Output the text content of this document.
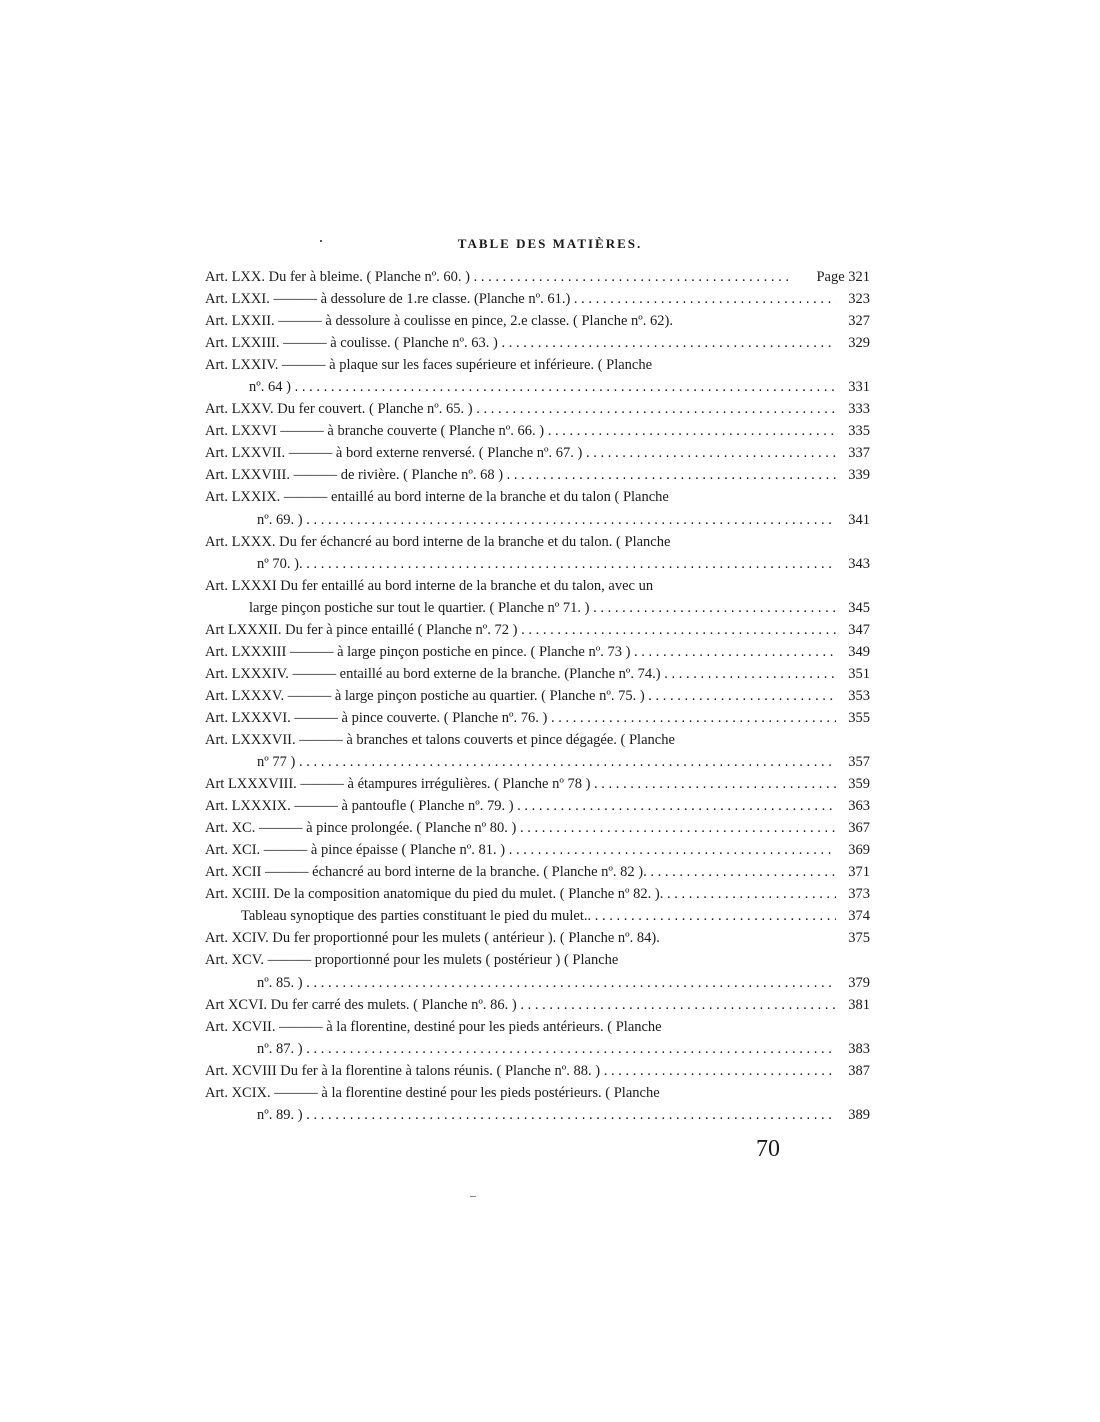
TABLE DES MATIÈRES.
Art. LXX. Du fer à bleime. ( Planche nº. 60. ) . . .	Page 321
Art. LXXI. ——— à dessolure de 1.re classe. (Planche nº. 61.) . . .	323
Art. LXXII. ——— à dessolure à coulisse en pince, 2.e classe. ( Planche nº. 62).	327
Art. LXXIII. ——— à coulisse. ( Planche nº. 63. ) . . .	329
Art. LXXIV. ——— à plaque sur les faces supérieure et inférieure. ( Planche
nº. 64 ) . . .	331
Art. LXXV. Du fer couvert. ( Planche nº. 65. ) . . .	333
Art. LXXVI ——— à branche couverte ( Planche nº. 66. ) . . .	335
Art. LXXVII. ——— à bord externe renversé. ( Planche nº. 67. ) . . .	337
Art. LXXVIII. ——— de rivière. ( Planche nº. 68 ) . . .	339
Art. LXXIX. ——— entaillé au bord interne de la branche et du talon ( Planche
nº. 69. ) . . .	341
Art. LXXX. Du fer échancré au bord interne de la branche et du talon. ( Planche
nº 70. ). . . .	343
Art. LXXXI Du fer entaillé au bord interne de la branche et du talon, avec un
large pinçon postiche sur tout le quartier. ( Planche nº 71. ) . . .	345
Art LXXXII. Du fer à pince entaillé ( Planche nº. 72 ) . . .	347
Art. LXXXIII ——— à large pinçon postiche en pince. ( Planche nº. 73 ) . . .	349
Art. LXXXIV. ——— entaillé au bord externe de la branche. (Planche nº. 74.) . . .	351
Art. LXXXV. ——— à large pinçon postiche au quartier. ( Planche nº. 75. ) . . .	353
Art. LXXXVI. ——— à pince couverte. ( Planche nº. 76. ) . . .	355
Art. LXXXVII. ——— à branches et talons couverts et pince dégagée. ( Planche
nº 77 ) . . .	357
Art LXXXVIII. ——— à étampures irrégulières. ( Planche nº 78 ) . . .	359
Art. LXXXIX. ——— à pantoufle ( Planche nº. 79. ) . . .	363
Art. XC. ——— à pince prolongée. ( Planche nº 80. ) . . .	367
Art. XCI. ——— à pince épaisse ( Planche nº. 81. ) . . .	369
Art. XCII ——— échancré au bord interne de la branche. ( Planche nº. 82 ). . . .	371
Art. XCIII. De la composition anatomique du pied du mulet. ( Planche nº 82. ). . . .	373
Tableau synoptique des parties constituant le pied du mulet.. . . .	374
Art. XCIV. Du fer proportionné pour les mulets ( antérieur ). ( Planche nº. 84).	375
Art. XCV. ——— proportionné pour les mulets ( postérieur ) ( Planche
nº. 85. ) . . .	379
Art XCVI. Du fer carré des mulets. ( Planche nº. 86. ) . . .	381
Art. XCVII. ——— à la florentine, destiné pour les pieds antérieurs. ( Planche
nº. 87. ) . . .	383
Art. XCVIII Du fer à la florentine à talons réunis. ( Planche nº. 88. ) . . .	387
Art. XCIX. ——— à la florentine destiné pour les pieds postérieurs. ( Planche
nº. 89. ) . . .	389
70
